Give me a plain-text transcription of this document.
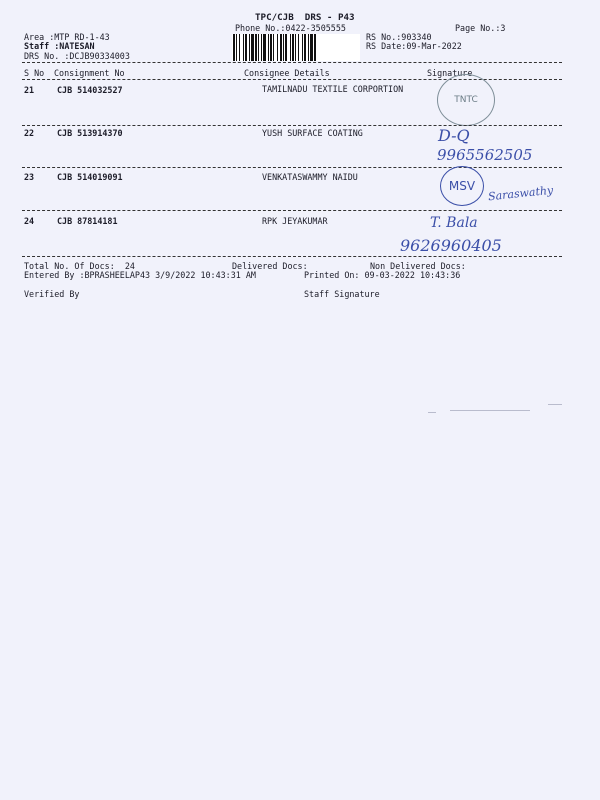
TPC/CJB  DRS - P43
Phone No.:0422-3505555	Page No.:3
Area :MTP RD-1-43
Staff :NATESAN
DRS No. :DCJB90334003
RS No.:903340
RS Date:09-Mar-2022
S No Consignment No	Consignee Details	Signature
21	CJB 514032527	TAMILNADU TEXTILE CORPORTION
TNTC
22	CJB 513914370	YUSH SURFACE COATING	D-Q
9965562505
23	CJB 514019091	VENKATASWAMMY NAIDU
MSV Saraswathy
24	CJB 87814181	RPK JEYAKUMAR	T. Bala
9626960405
Total No. Of Docs:  24	Delivered Docs:	Non Delivered Docs:
Entered By :BPRASHEELAP43 3/9/2022 10:43:31 AM	Printed On: 09-03-2022 10:43:36
Verified By	Staff Signature
